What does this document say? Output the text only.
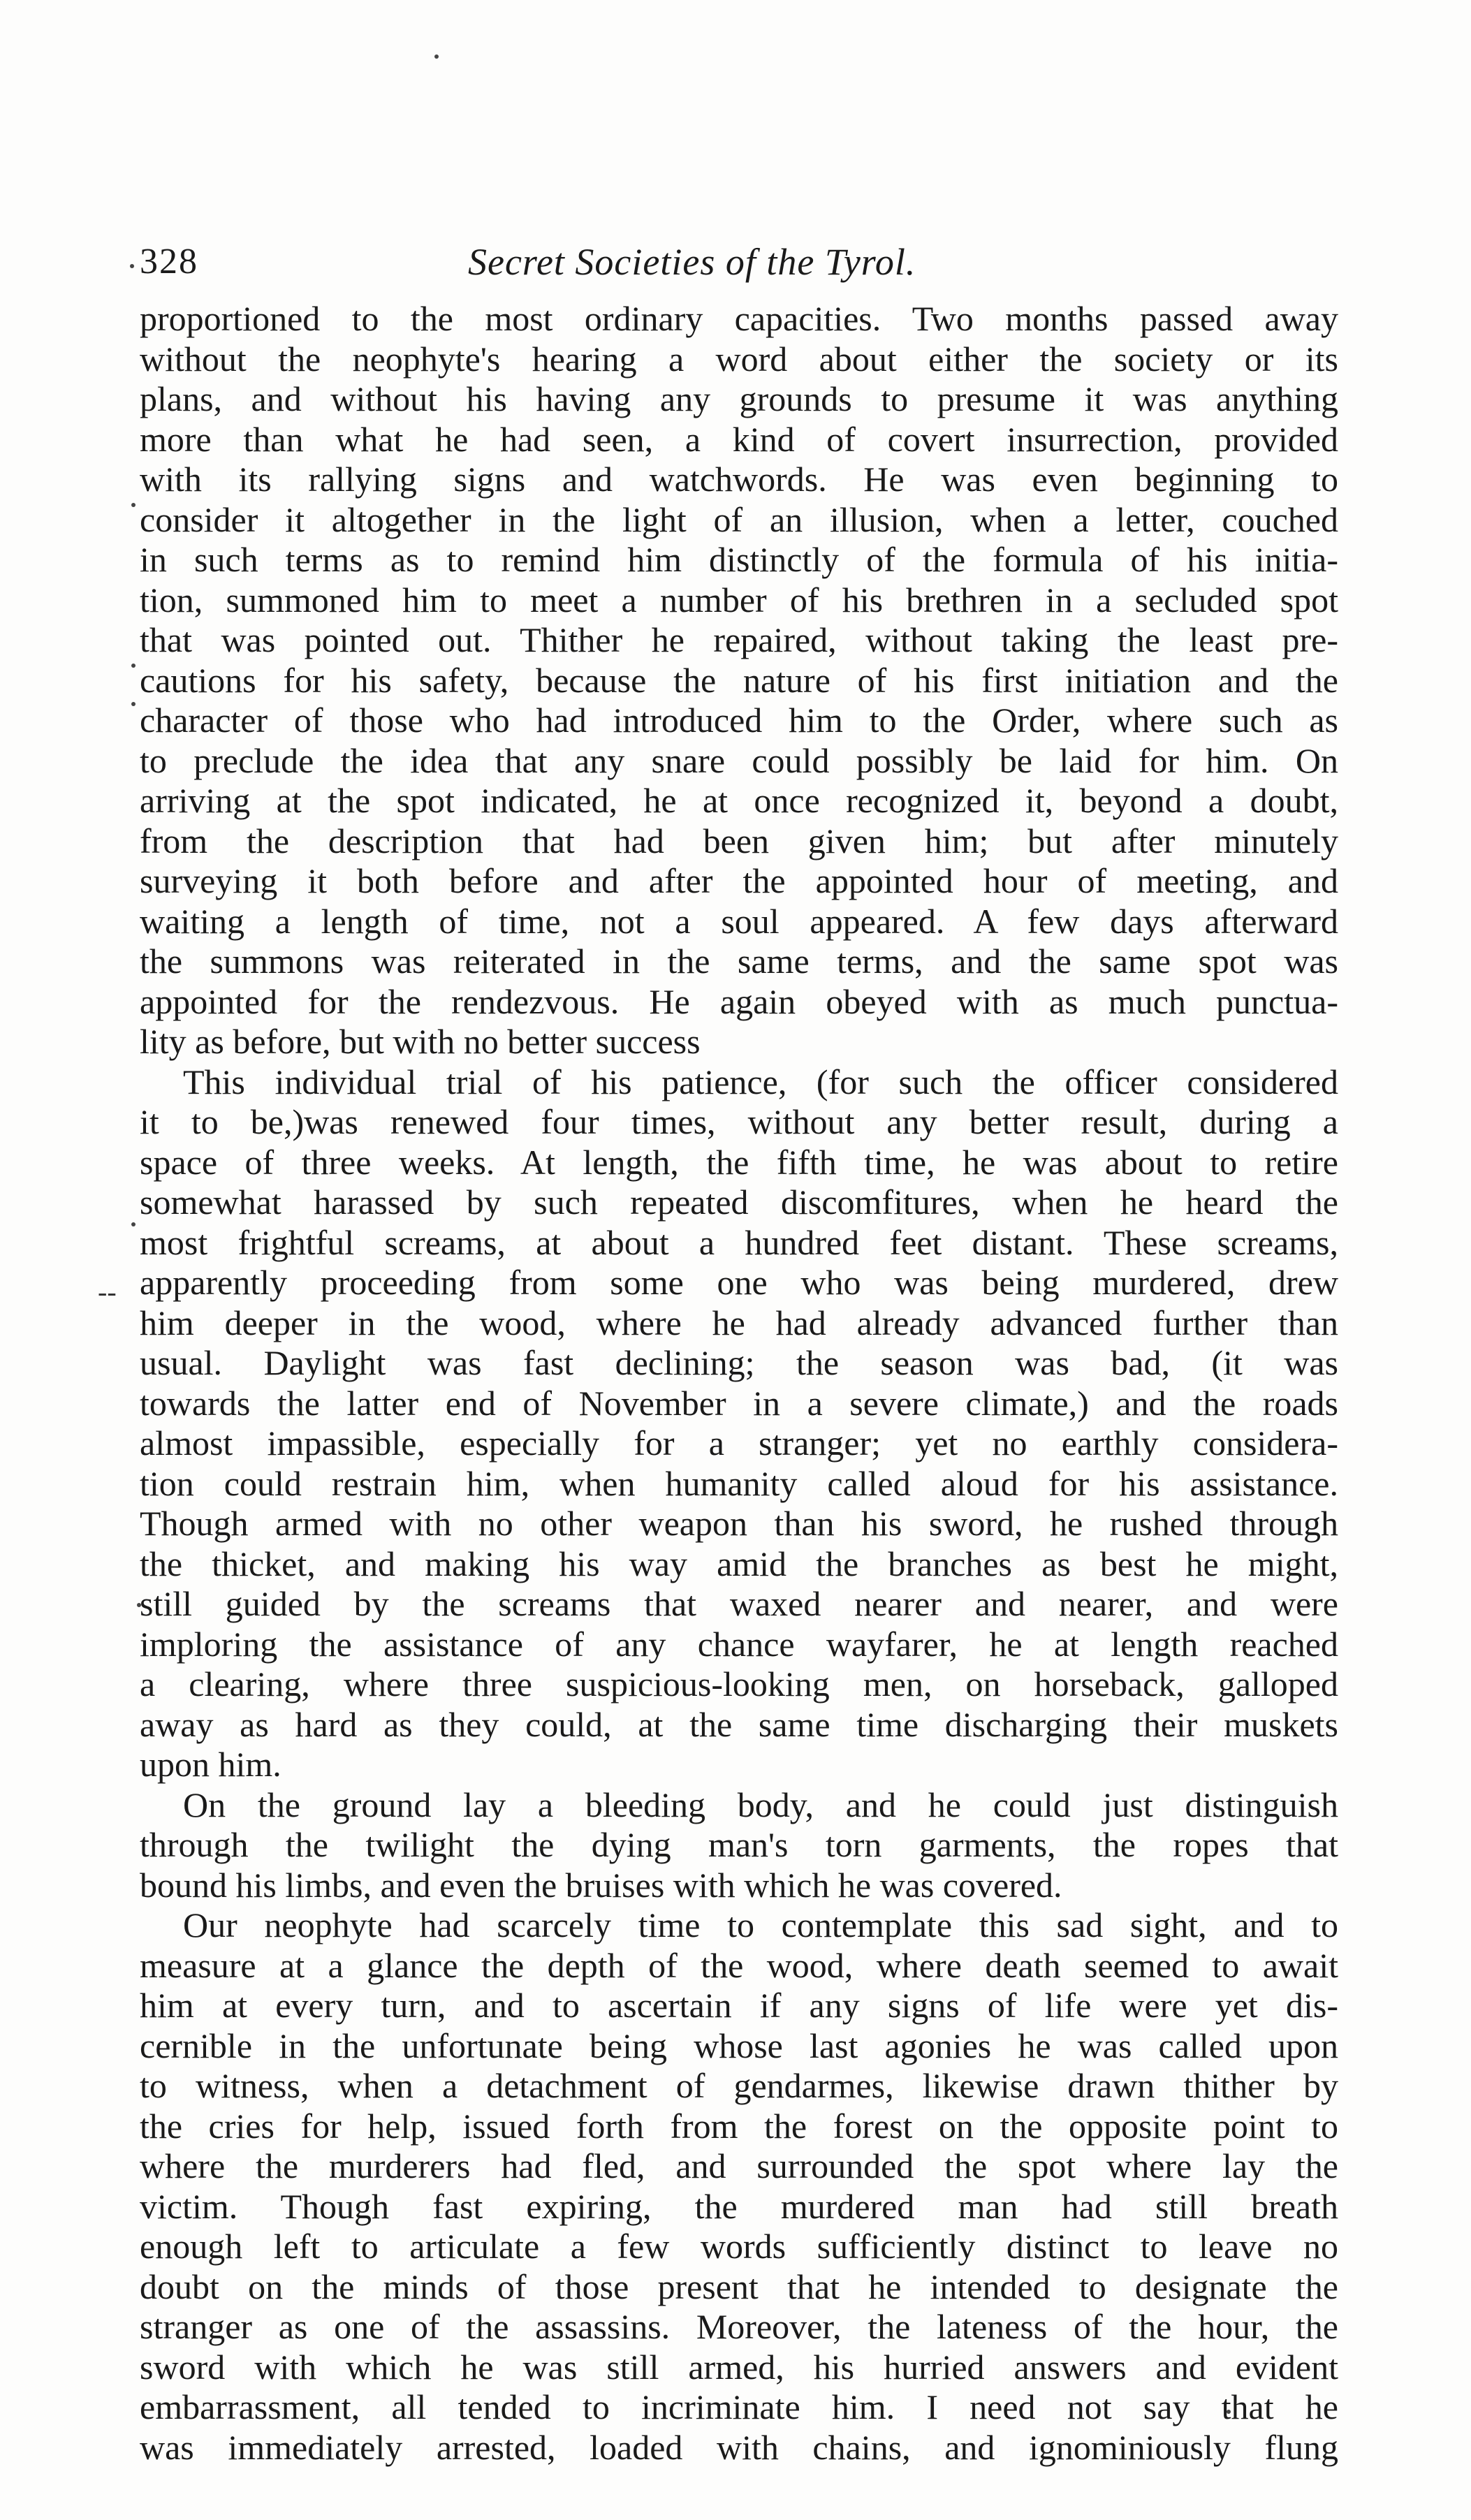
328	Secret Societies of the Tyrol.
--
proportioned to the most ordinary capacities. Two months passed away
without the neophyte's hearing a word about either the society or its
plans, and without his having any grounds to presume it was anything
more than what he had seen, a kind of covert insurrection, provided
with its rallying signs and watchwords. He was even beginning to
consider it altogether in the light of an illusion, when a letter, couched
in such terms as to remind him distinctly of the formula of his initia-
tion, summoned him to meet a number of his brethren in a secluded spot
that was pointed out. Thither he repaired, without taking the least pre-
cautions for his safety, because the nature of his first initiation and the
character of those who had introduced him to the Order, where such as
to preclude the idea that any snare could possibly be laid for him. On
arriving at the spot indicated, he at once recognized it, beyond a doubt,
from the description that had been given him; but after minutely
surveying it both before and after the appointed hour of meeting, and
waiting a length of time, not a soul appeared. A few days afterward
the summons was reiterated in the same terms, and the same spot was
appointed for the rendezvous. He again obeyed with as much punctua-
lity as before, but with no better success
This individual trial of his patience, (for such the officer considered
it to be,)was renewed four times, without any better result, during a
space of three weeks. At length, the fifth time, he was about to retire
somewhat harassed by such repeated discomfitures, when he heard the
most frightful screams, at about a hundred feet distant. These screams,
apparently proceeding from some one who was being murdered, drew
him deeper in the wood, where he had already advanced further than
usual. Daylight was fast declining; the season was bad, (it was
towards the latter end of November in a severe climate,) and the roads
almost impassible, especially for a stranger; yet no earthly considera-
tion could restrain him, when humanity called aloud for his assistance.
Though armed with no other weapon than his sword, he rushed through
the thicket, and making his way amid the branches as best he might,
still guided by the screams that waxed nearer and nearer, and were
imploring the assistance of any chance wayfarer, he at length reached
a clearing, where three suspicious-looking men, on horseback, galloped
away as hard as they could, at the same time discharging their muskets
upon him.
On the ground lay a bleeding body, and he could just distinguish
through the twilight the dying man's torn garments, the ropes that
bound his limbs, and even the bruises with which he was covered.
Our neophyte had scarcely time to contemplate this sad sight, and to
measure at a glance the depth of the wood, where death seemed to await
him at every turn, and to ascertain if any signs of life were yet dis-
cernible in the unfortunate being whose last agonies he was called upon
to witness, when a detachment of gendarmes, likewise drawn thither by
the cries for help, issued forth from the forest on the opposite point to
where the murderers had fled, and surrounded the spot where lay the
victim. Though fast expiring, the murdered man had still breath
enough left to articulate a few words sufficiently distinct to leave no
doubt on the minds of those present that he intended to designate the
stranger as one of the assassins. Moreover, the lateness of the hour, the
sword with which he was still armed, his hurried answers and evident
embarrassment, all tended to incriminate him. I need not say that he
was immediately arrested, loaded with chains, and ignominiously flung
